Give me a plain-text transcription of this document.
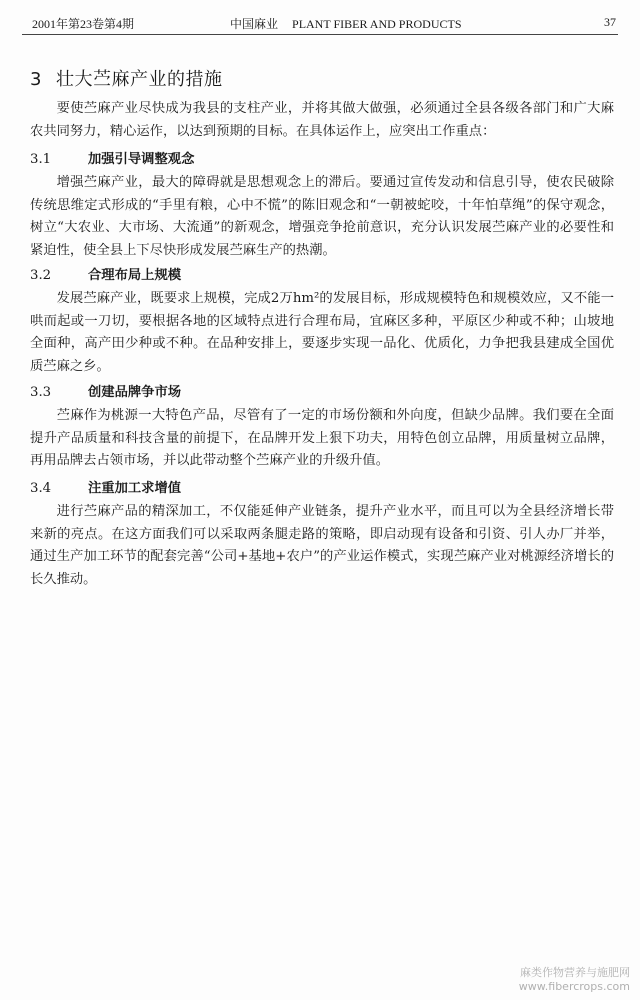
2001年第23卷第4期	中国麻业 PLANT FIBER AND PRODUCTS	37
3 壮大苎麻产业的措施

要使苎麻产业尽快成为我县的支柱产业，并将其做大做强，必须通过全县各级各部门和广大麻农共同努力，精心运作，以达到预期的目标。在具体运作上，应突出工作重点：

3.1	加强引导调整观念

增强苎麻产业，最大的障碍就是思想观念上的滞后。要通过宣传发动和信息引导，使农民破除传统思维定式形成的“手里有粮，心中不慌”的陈旧观念和“一朝被蛇咬，十年怕草绳”的保守观念，树立“大农业、大市场、大流通”的新观念，增强竞争抢前意识，充分认识发展苎麻产业的必要性和紧迫性，使全县上下尽快形成发展苎麻生产的热潮。

3.2	合理布局上规模

发展苎麻产业，既要求上规模，完成2万hm²的发展目标，形成规模特色和规模效应，又不能一哄而起或一刀切，要根据各地的区域特点进行合理布局，宜麻区多种，平原区少种或不种；山坡地全面种，高产田少种或不种。在品种安排上，要逐步实现一品化、优质化，力争把我县建成全国优质苎麻之乡。

3.3	创建品牌争市场

苎麻作为桃源一大特色产品，尽管有了一定的市场份额和外向度，但缺少品牌。我们要在全面提升产品质量和科技含量的前提下，在品牌开发上狠下功夫，用特色创立品牌，用质量树立品牌，再用品牌去占领市场，并以此带动整个苎麻产业的升级升值。

3.4	注重加工求增值

进行苎麻产品的精深加工，不仅能延伸产业链条，提升产业水平，而且可以为全县经济增长带来新的亮点。在这方面我们可以采取两条腿走路的策略，即启动现有设备和引资、引人办厂并举，通过生产加工环节的配套完善“公司+基地+农户”的产业运作模式，实现苎麻产业对桃源经济增长的长久推动。

麻类作物营养与施肥网
www.fibercrops.com
